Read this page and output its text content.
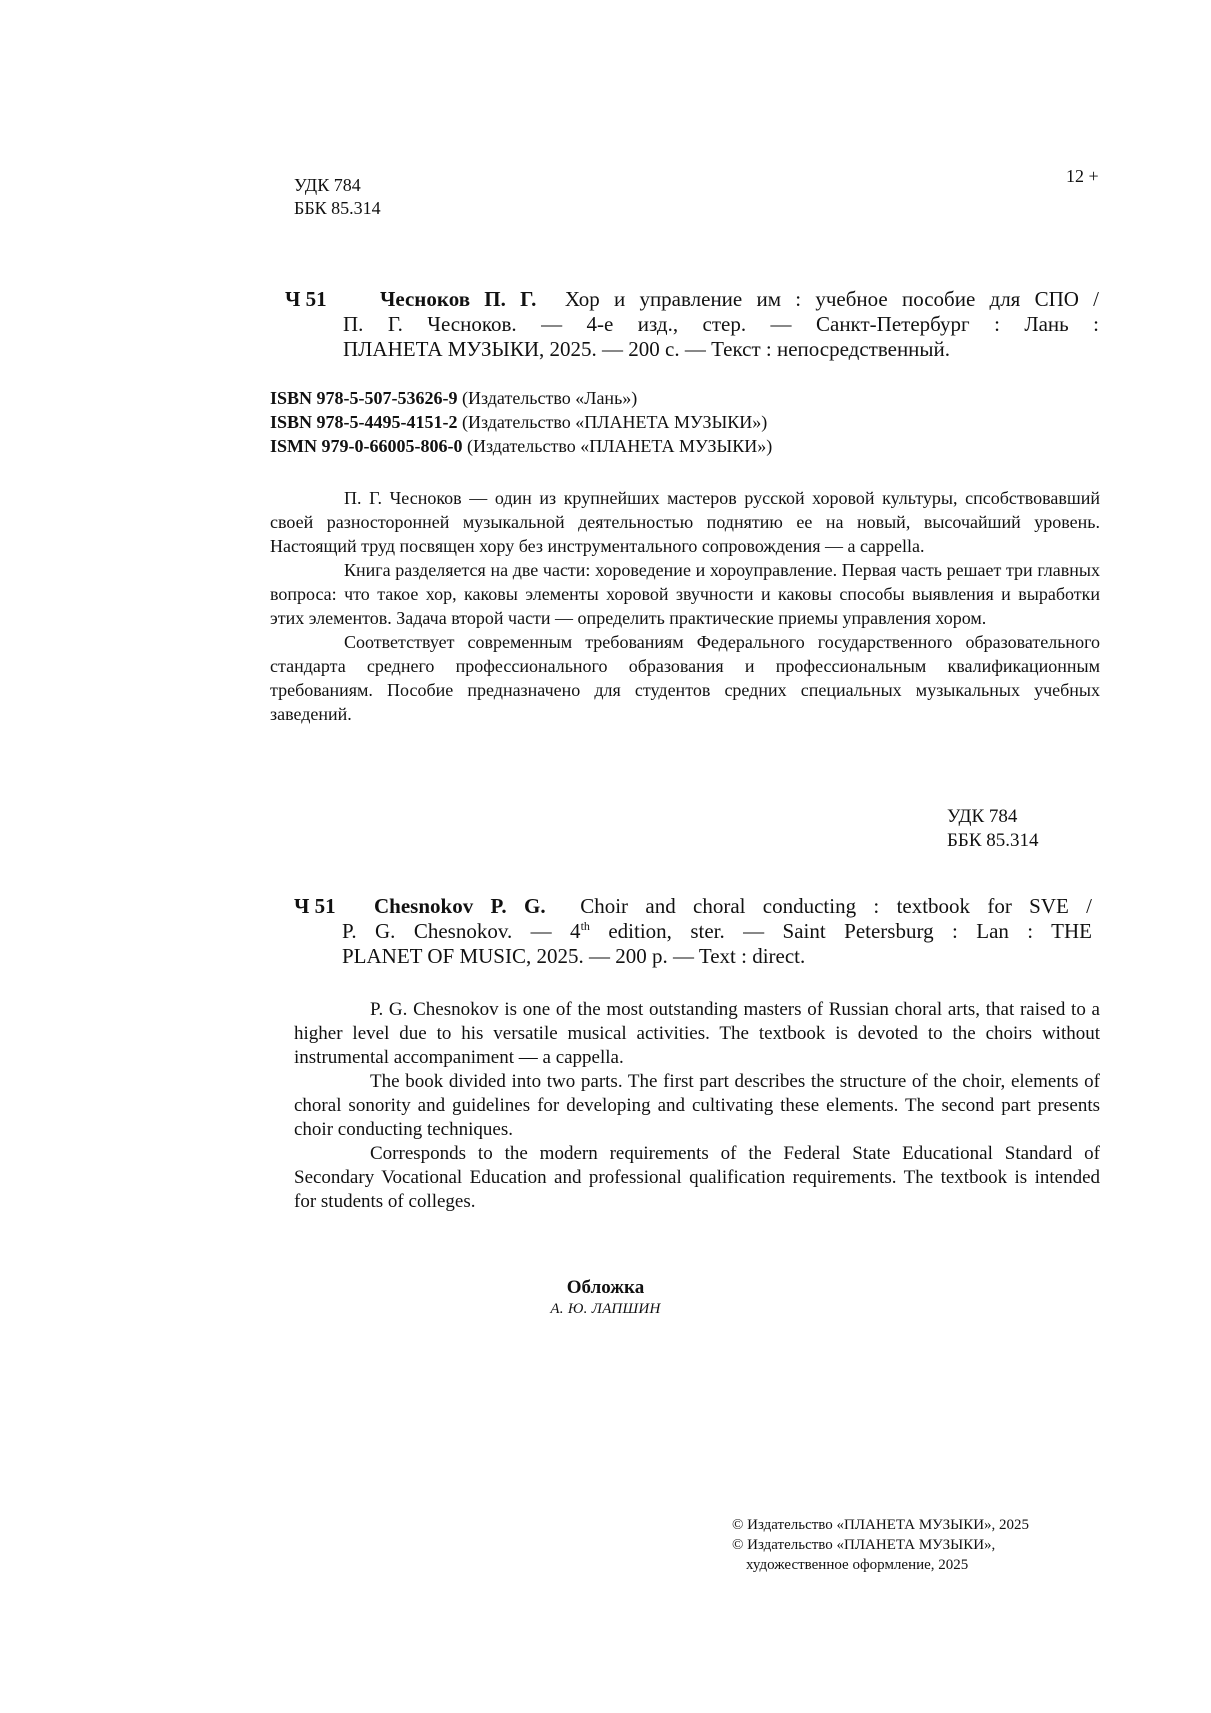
УДК 784
ББК 85.314
12 +
Ч 51	Чесноков П. Г. Хор и управление им : учебное пособие для СПО /
П. Г. Чесноков. — 4-е изд., стер. — Санкт-Петербург : Лань :
ПЛАНЕТА МУЗЫКИ, 2025. — 200 с. — Текст : непосредственный.
ISBN 978-5-507-53626-9 (Издательство «Лань»)
ISBN 978-5-4495-4151-2 (Издательство «ПЛАНЕТА МУЗЫКИ»)
ISMN 979-0-66005-806-0 (Издательство «ПЛАНЕТА МУЗЫКИ»)

П. Г. Чесноков — один из крупнейших мастеров русской хоровой культуры, спсобствовавший своей разносторонней музыкальной деятельностью поднятию ее на новый, высочайший уровень. Настоящий труд посвящен хору без инструментального сопровождения — a cappella.

Книга разделяется на две части: хороведение и хороуправление. Первая часть решает три главных вопроса: что такое хор, каковы элементы хоровой звучности и каковы способы выявления и выработки этих элементов. Задача второй части — определить практические приемы управления хором.

Соответствует современным требованиям Федерального государственного образовательного стандарта среднего профессионального образования и профессиональным квалификационным требованиям. Пособие предназначено для студентов средних специальных музыкальных учебных заведений.

УДК 784
ББК 85.314
Ч 51 Chesnokov P. G. Choir and choral conducting : textbook for SVE /
P. G. Chesnokov. — 4th edition, ster. — Saint Petersburg : Lan : THE
PLANET OF MUSIC, 2025. — 200 p. — Text : direct.

P. G. Chesnokov is one of the most outstanding masters of Russian choral arts, that raised to a higher level due to his versatile musical activities. The textbook is devoted to the choirs without instrumental accompaniment — a cappella.

The book divided into two parts. The first part describes the structure of the choir, elements of choral sonority and guidelines for developing and cultivating these elements. The second part presents choir conducting techniques.

Corresponds to the modern requirements of the Federal State Educational Standard of Secondary Vocational Education and professional qualification requirements. The textbook is intended for students of colleges.

Обложка
А. Ю. ЛАПШИН
© Издательство «ПЛАНЕТА МУЗЫКИ», 2025
© Издательство «ПЛАНЕТА МУЗЫКИ»,
художественное оформление, 2025
